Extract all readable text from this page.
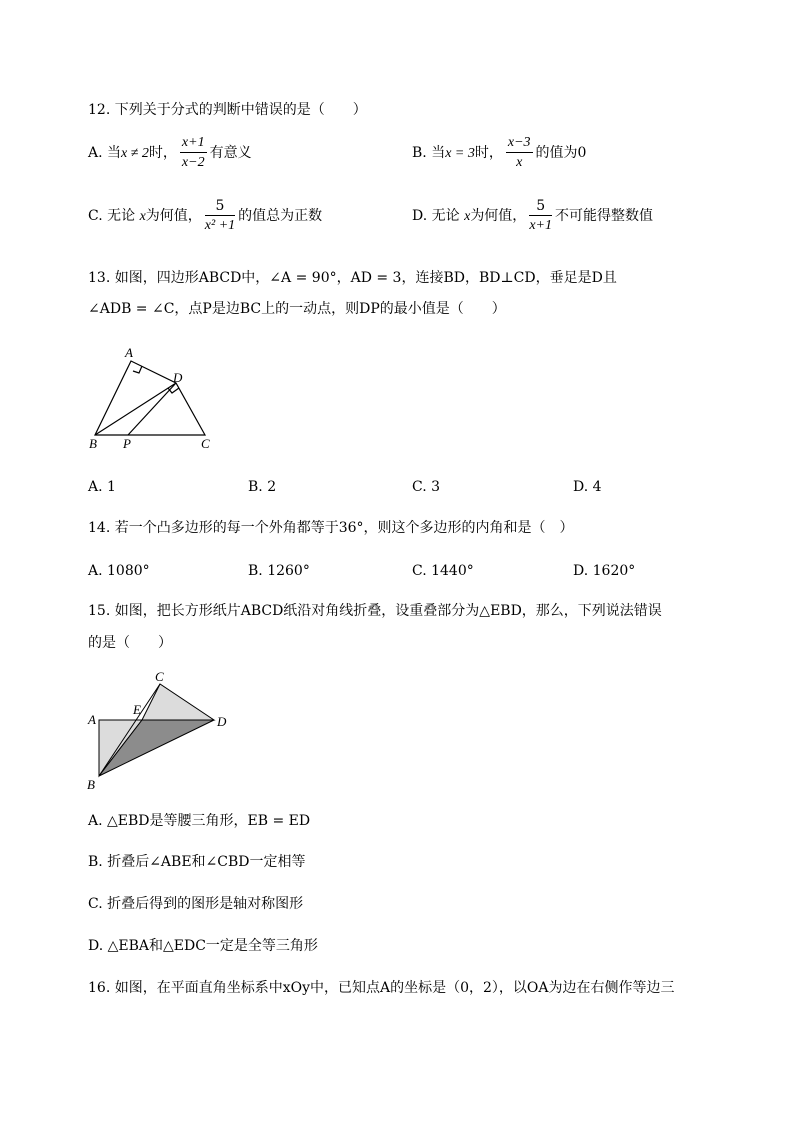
12. 下列关于分式的判断中错误的是（　　）
A. 当x ≠ 2时， $\frac{x+1}{x-2}$ 有意义	B. 当x = 3时， $\frac{x-3}{x}$ 的值为0
C. 无论 x为何值， $\frac{5}{\text{x² +1}}$ 的值总为正数	D. 无论 x为何值， $\frac{5}{x+1}$ 不可能得整数值
13. 如图，四边形ABCD中，∠A = 90°，AD = 3，连接BD，BD⊥CD，垂足是D且
∠ADB = ∠C，点P是边BC上的一动点，则DP的最小值是（　　）
A
D
B P	C
A. 1	B. 2	C. 3	D. 4
14. 若一个凸多边形的每一个外角都等于36°，则这个多边形的内角和是（　）
A. 1080°	B. 1260°	C. 1440°	D. 1620°
15. 如图，把长方形纸片ABCD纸沿对角线折叠，设重叠部分为△EBD，那么，下列说法错误
的是（　　）
C
A
E
D
B
A. △EBD是等腰三角形，EB = ED
B. 折叠后∠ABE和∠CBD一定相等
C. 折叠后得到的图形是轴对称图形
D. △EBA和△EDC一定是全等三角形
16. 如图，在平面直角坐标系中xOy中，已知点A的坐标是（0，2），以OA为边在右侧作等边三
